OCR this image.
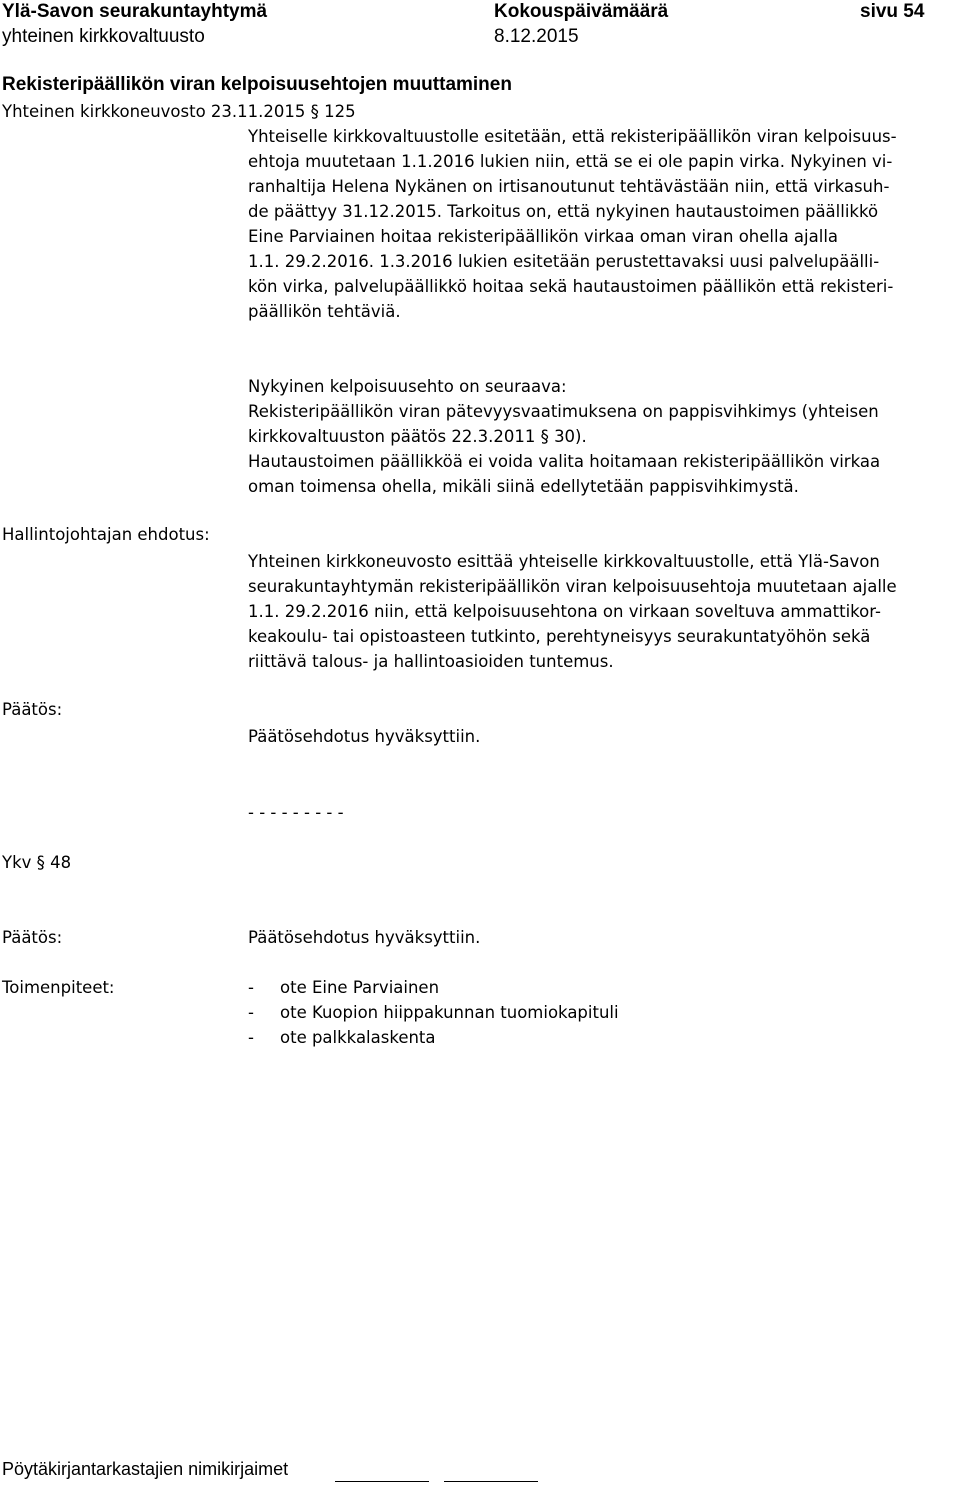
Ylä-Savon seurakuntayhtymä	Kokouspäivämäärä	sivu 54
yhteinen kirkkovaltuusto	8.12.2015
Rekisteripäällikön viran kelpoisuusehtojen muuttaminen
Yhteinen kirkkoneuvosto 23.11.2015 § 125
Yhteiselle kirkkovaltuustolle esitetään, että rekisteripäällikön viran kelpoisuus-
ehtoja muutetaan 1.1.2016 lukien niin, että se ei ole papin virka. Nykyinen vi-
ranhaltija Helena Nykänen on irtisanoutunut tehtävästään niin, että virkasuh-
de päättyy 31.12.2015. Tarkoitus on, että nykyinen hautaustoimen päällikkö
Eine Parviainen hoitaa rekisteripäällikön virkaa oman viran ohella ajalla
1.1. 29.2.2016. 1.3.2016 lukien esitetään perustettavaksi uusi palvelupäälli-
kön virka, palvelupäällikkö hoitaa sekä hautaustoimen päällikön että rekisteri-
päällikön tehtäviä.
Nykyinen kelpoisuusehto on seuraava:
Rekisteripäällikön viran pätevyysvaatimuksena on pappisvihkimys (yhteisen
kirkkovaltuuston päätös 22.3.2011 § 30).
Hautaustoimen päällikköä ei voida valita hoitamaan rekisteripäällikön virkaa
oman toimensa ohella, mikäli siinä edellytetään pappisvihkimystä.
Hallintojohtajan ehdotus:
Yhteinen kirkkoneuvosto esittää yhteiselle kirkkovaltuustolle, että Ylä-Savon
seurakuntayhtymän rekisteripäällikön viran kelpoisuusehtoja muutetaan ajalle
1.1. 29.2.2016 niin, että kelpoisuusehtona on virkaan soveltuva ammattikor-
keakoulu- tai opistoasteen tutkinto, perehtyneisyys seurakuntatyöhön sekä
riittävä talous- ja hallintoasioiden tuntemus.
Päätös:
Päätösehdotus hyväksyttiin.
- - - - - - - - -
Ykv § 48
Päätös:	Päätösehdotus hyväksyttiin.
Toimenpiteet:	- ote Eine Parviainen
- ote Kuopion hiippakunnan tuomiokapituli
- ote palkkalaskenta
Pöytäkirjantarkastajien nimikirjaimet
